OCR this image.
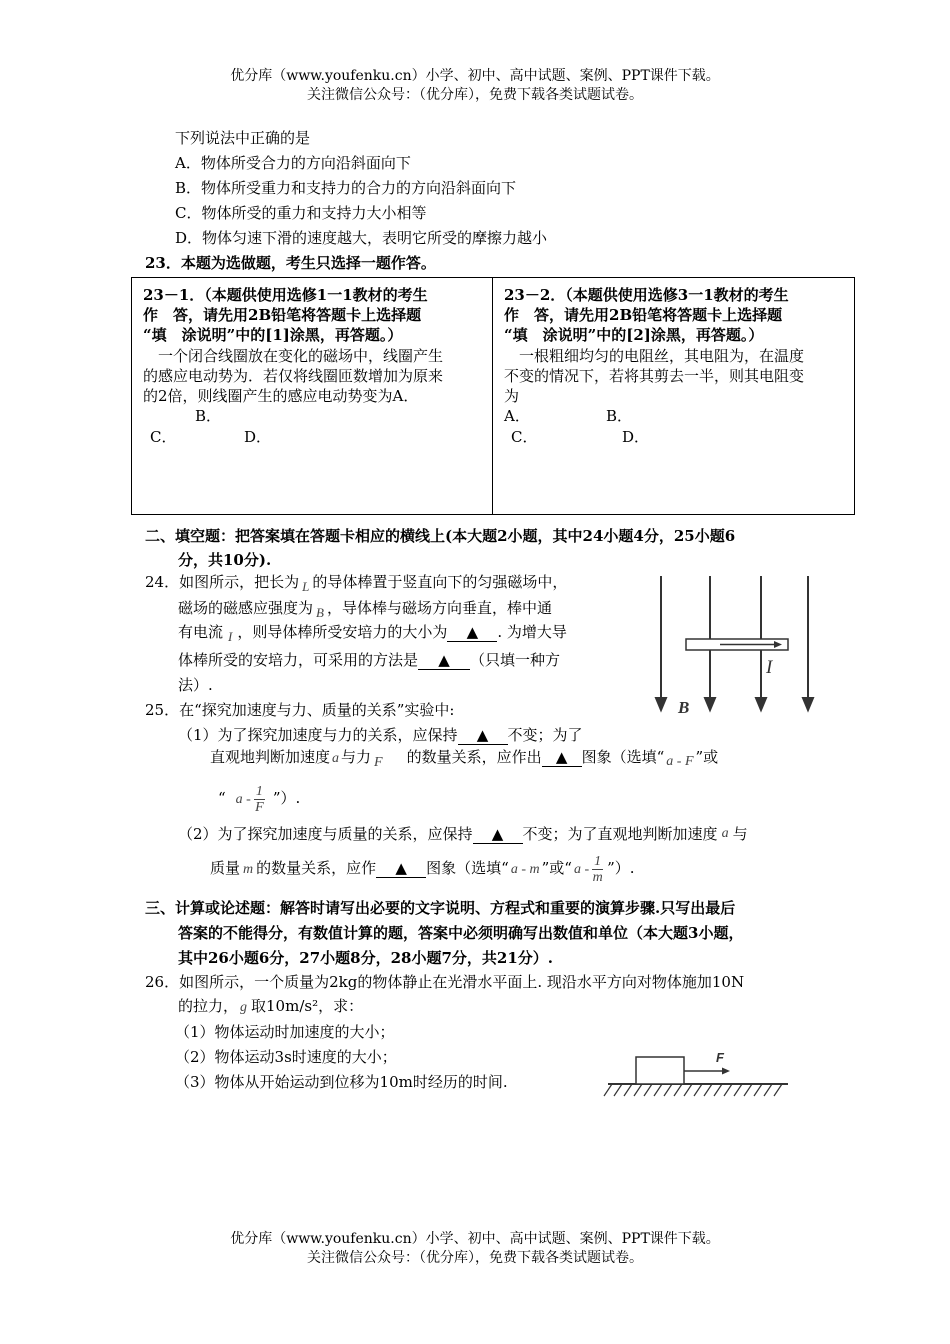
优分库（www.youfenku.cn）小学、初中、高中试题、案例、PPT课件下载。
关注微信公众号：（优分库），免费下载各类试题试卷。
下列说法中正确的是
A．物体所受合力的方向沿斜面向下
B．物体所受重力和支持力的合力的方向沿斜面向下
C．物体所受的重力和支持力大小相等
D．物体匀速下滑的速度越大，表明它所受的摩擦力越小
23．本题为选做题，考生只选择一题作答。
23－1．（本题供使用选修1一1教材的考生
作　答，请先用2B铅笔将答题卡上选择题
“填　涂说明”中的[1]涂黑，再答题。）
　一个闭合线圈放在变化的磁场中，线圈产生
的感应电动势为．若仅将线圈匝数增加为原来
的2倍，则线圈产生的感应电动势变为A．
B．
C．	D．
23－2．（本题供使用选修3一1教材的考生
作　答，请先用2B铅笔将答题卡上选择题
“填　涂说明”中的[2]涂黑，再答题。）
　一根粗细均匀的电阻丝，其电阻为，在温度
不变的情况下，若将其剪去一半，则其电阻变
为
A．	B．
C．	D．
二、填空题：把答案填在答题卡相应的横线上(本大题2小题，其中24小题4分，25小题6
分，共10分).
24．如图所示，把长为 L 的导体棒置于竖直向下的匀强磁场中，
磁场的磁感应强度为 B ，导体棒与磁场方向垂直，棒中通
有电流 I ，则导体棒所受安培力的大小为 ▲ . 为增大导
体棒所受的安培力，可采用的方法是 ▲ （只填一种方
法）.
I
B
25．在“探究加速度与力、质量的关系”实验中:
（1）为了探究加速度与力的关系，应保持 ▲ 不变；为了
直观地判断加速度 a 与力 F 的数量关系，应作出 ▲ 图象（选填“ a - F ”或
“ a - $\frac{1}{F}$ ”）.
（2）为了探究加速度与质量的关系，应保持 ▲ 不变；为了直观地判断加速度 a 与
质量 m 的数量关系，应作 ▲ 图象（选填“ a - m ”或“ a - $\frac{1}{m}$ ”）.
三、计算或论述题：解答时请写出必要的文字说明、方程式和重要的演算步骤.只写出最后
答案的不能得分，有数值计算的题，答案中必须明确写出数值和单位（本大题3小题，
其中26小题6分，27小题8分，28小题7分，共21分）.
26．如图所示，一个质量为2kg的物体静止在光滑水平面上. 现沿水平方向对物体施加10N
的拉力， g 取10m/s²，求：
（1）物体运动时加速度的大小；
（2）物体运动3s时速度的大小；
（3）物体从开始运动到位移为10m时经历的时间.
F
优分库（www.youfenku.cn）小学、初中、高中试题、案例、PPT课件下载。
关注微信公众号：（优分库），免费下载各类试题试卷。
